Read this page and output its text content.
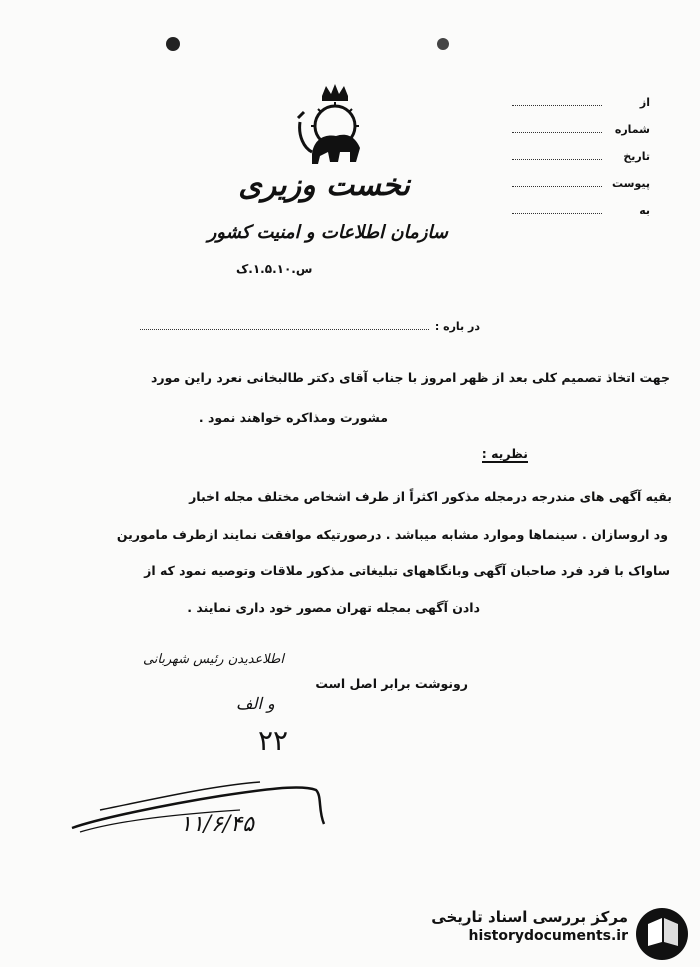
نخست وزیری
سازمان اطلاعات و امنیت کشور
س.۱.۵.۱۰.ک
از
شماره
تاریخ
پیوست
به
در باره :
جهت اتخاذ تصمیم کلی بعد از ظهر امروز با جناب آقای دکتر طالبخانی نعرد راین مورد
مشورت ومذاکره خواهند نمود .
نظریه :
بقیه آگهی های مندرجه درمجله مذکور اکثراً از طرف اشخاص مختلف مجله اخبار
ود اروسازان . سینماها وموارد مشابه میباشد . درصورتیکه موافقت نمایند ازطرف مامورین
ساواک با فرد فرد صاحبان آگهی وبانگاههای تبلیغاتی مذکور ملاقات وتوصیه نمود که از
دادن آگهی بمجله تهران مصور خود داری نمایند .
اطلاعدیدن رئیس شهربانی
رونوشت برابر اصل است
و الف
۲۲
۱۱/۶/۴۵
مرکز بررسی اسناد تاریخی
historydocuments.ir
